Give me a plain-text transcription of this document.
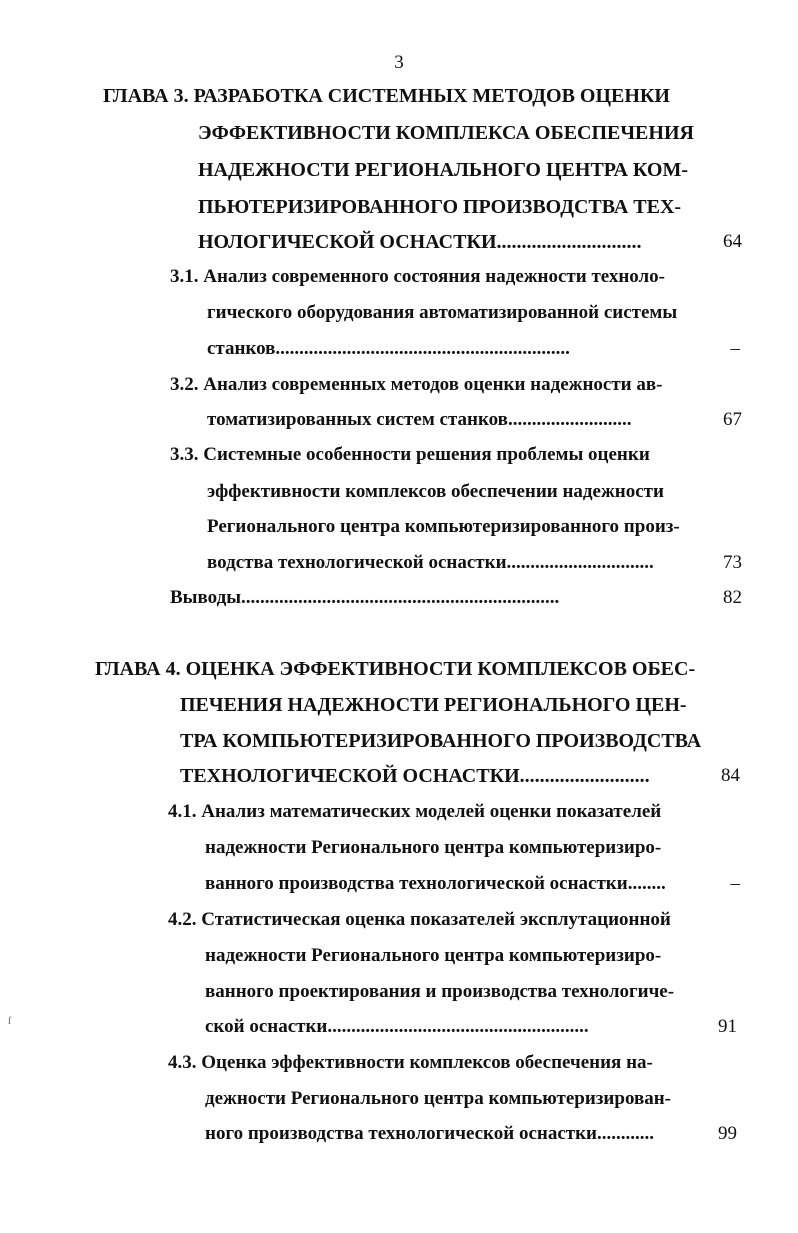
3
ГЛАВА 3. РАЗРАБОТКА СИСТЕМНЫХ МЕТОДОВ ОЦЕНКИ
ЭФФЕКТИВНОСТИ КОМПЛЕКСА ОБЕСПЕЧЕНИЯ
НАДЕЖНОСТИ РЕГИОНАЛЬНОГО ЦЕНТРА КОМ-
ПЬЮТЕРИЗИРОВАННОГО ПРОИЗВОДСТВА ТЕХ-
НОЛОГИЧЕСКОЙ ОСНАСТКИ.............................	64
3.1. Анализ современного состояния надежности техноло-
гического оборудования автоматизированной системы
станков..............................................................	–
3.2. Анализ современных методов оценки надежности ав-
томатизированных систем станков..........................	67
3.3. Системные особенности решения проблемы оценки
эффективности комплексов обеспечении надежности
Регионального центра компьютеризированного произ-
водства технологической оснастки...............................	73
Выводы...................................................................	82
ГЛАВА 4. ОЦЕНКА ЭФФЕКТИВНОСТИ КОМПЛЕКСОВ ОБЕС-
ПЕЧЕНИЯ НАДЕЖНОСТИ РЕГИОНАЛЬНОГО ЦЕН-
ТРА КОМПЬЮТЕРИЗИРОВАННОГО ПРОИЗВОДСТВА
ТЕХНОЛОГИЧЕСКОЙ ОСНАСТКИ..........................	84
4.1. Анализ математических моделей оценки показателей
надежности Регионального центра компьютеризиро-
ванного производства технологической оснастки........	–
4.2. Статистическая оценка показателей эксплутационной
надежности Регионального центра компьютеризиро-
ванного проектирования и производства технологиче-
ской оснастки.......................................................	91
4.3. Оценка эффективности комплексов обеспечения на-
дежности Регионального центра компьютеризирован-
ного производства технологической оснастки............	99
ſ
